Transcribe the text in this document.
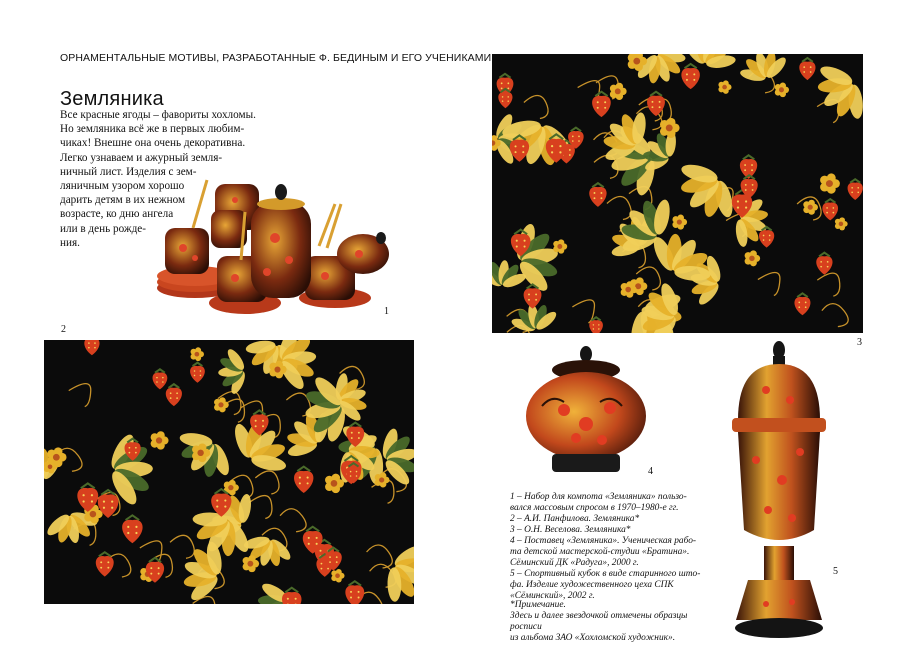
ОРНАМЕНТАЛЬНЫЕ МОТИВЫ, РАЗРАБОТАННЫЕ Ф. БЕДИНЫМ И ЕГО УЧЕНИКАМИ
Земляника
Все красные ягоды – фавориты хохломы.
Но земляника всё же в первых любим-
чиках! Внешне она очень декоративна.
Легко узнаваем и ажурный земля-
ничный лист. Изделия с зем-
ляничным узором хорошо
дарить детям в их нежном
возрасте, ко дню ангела
или в день рожде-
ния.
1
2
3
4
5

1 – Набор для компота «Земляника» пользо-

вался массовым спросом в 1970–1980-е гг.

2 – А.И. Панфилова. Земляника*

3 – О.Н. Веселова. Земляника*

4 – Поставец «Земляника». Ученическая рабо-

та детской мастерской-студии «Братина».

Сёминский ДК «Радуга», 2000 г.

5 – Спортивный кубок в виде старинного што-

фа. Изделие художественного цеха СПК

«Сёминский», 2002 г.

*Примечание.

Здесь и далее звездочкой отмечены образцы росписи

из альбома ЗАО «Хохломской художник».
